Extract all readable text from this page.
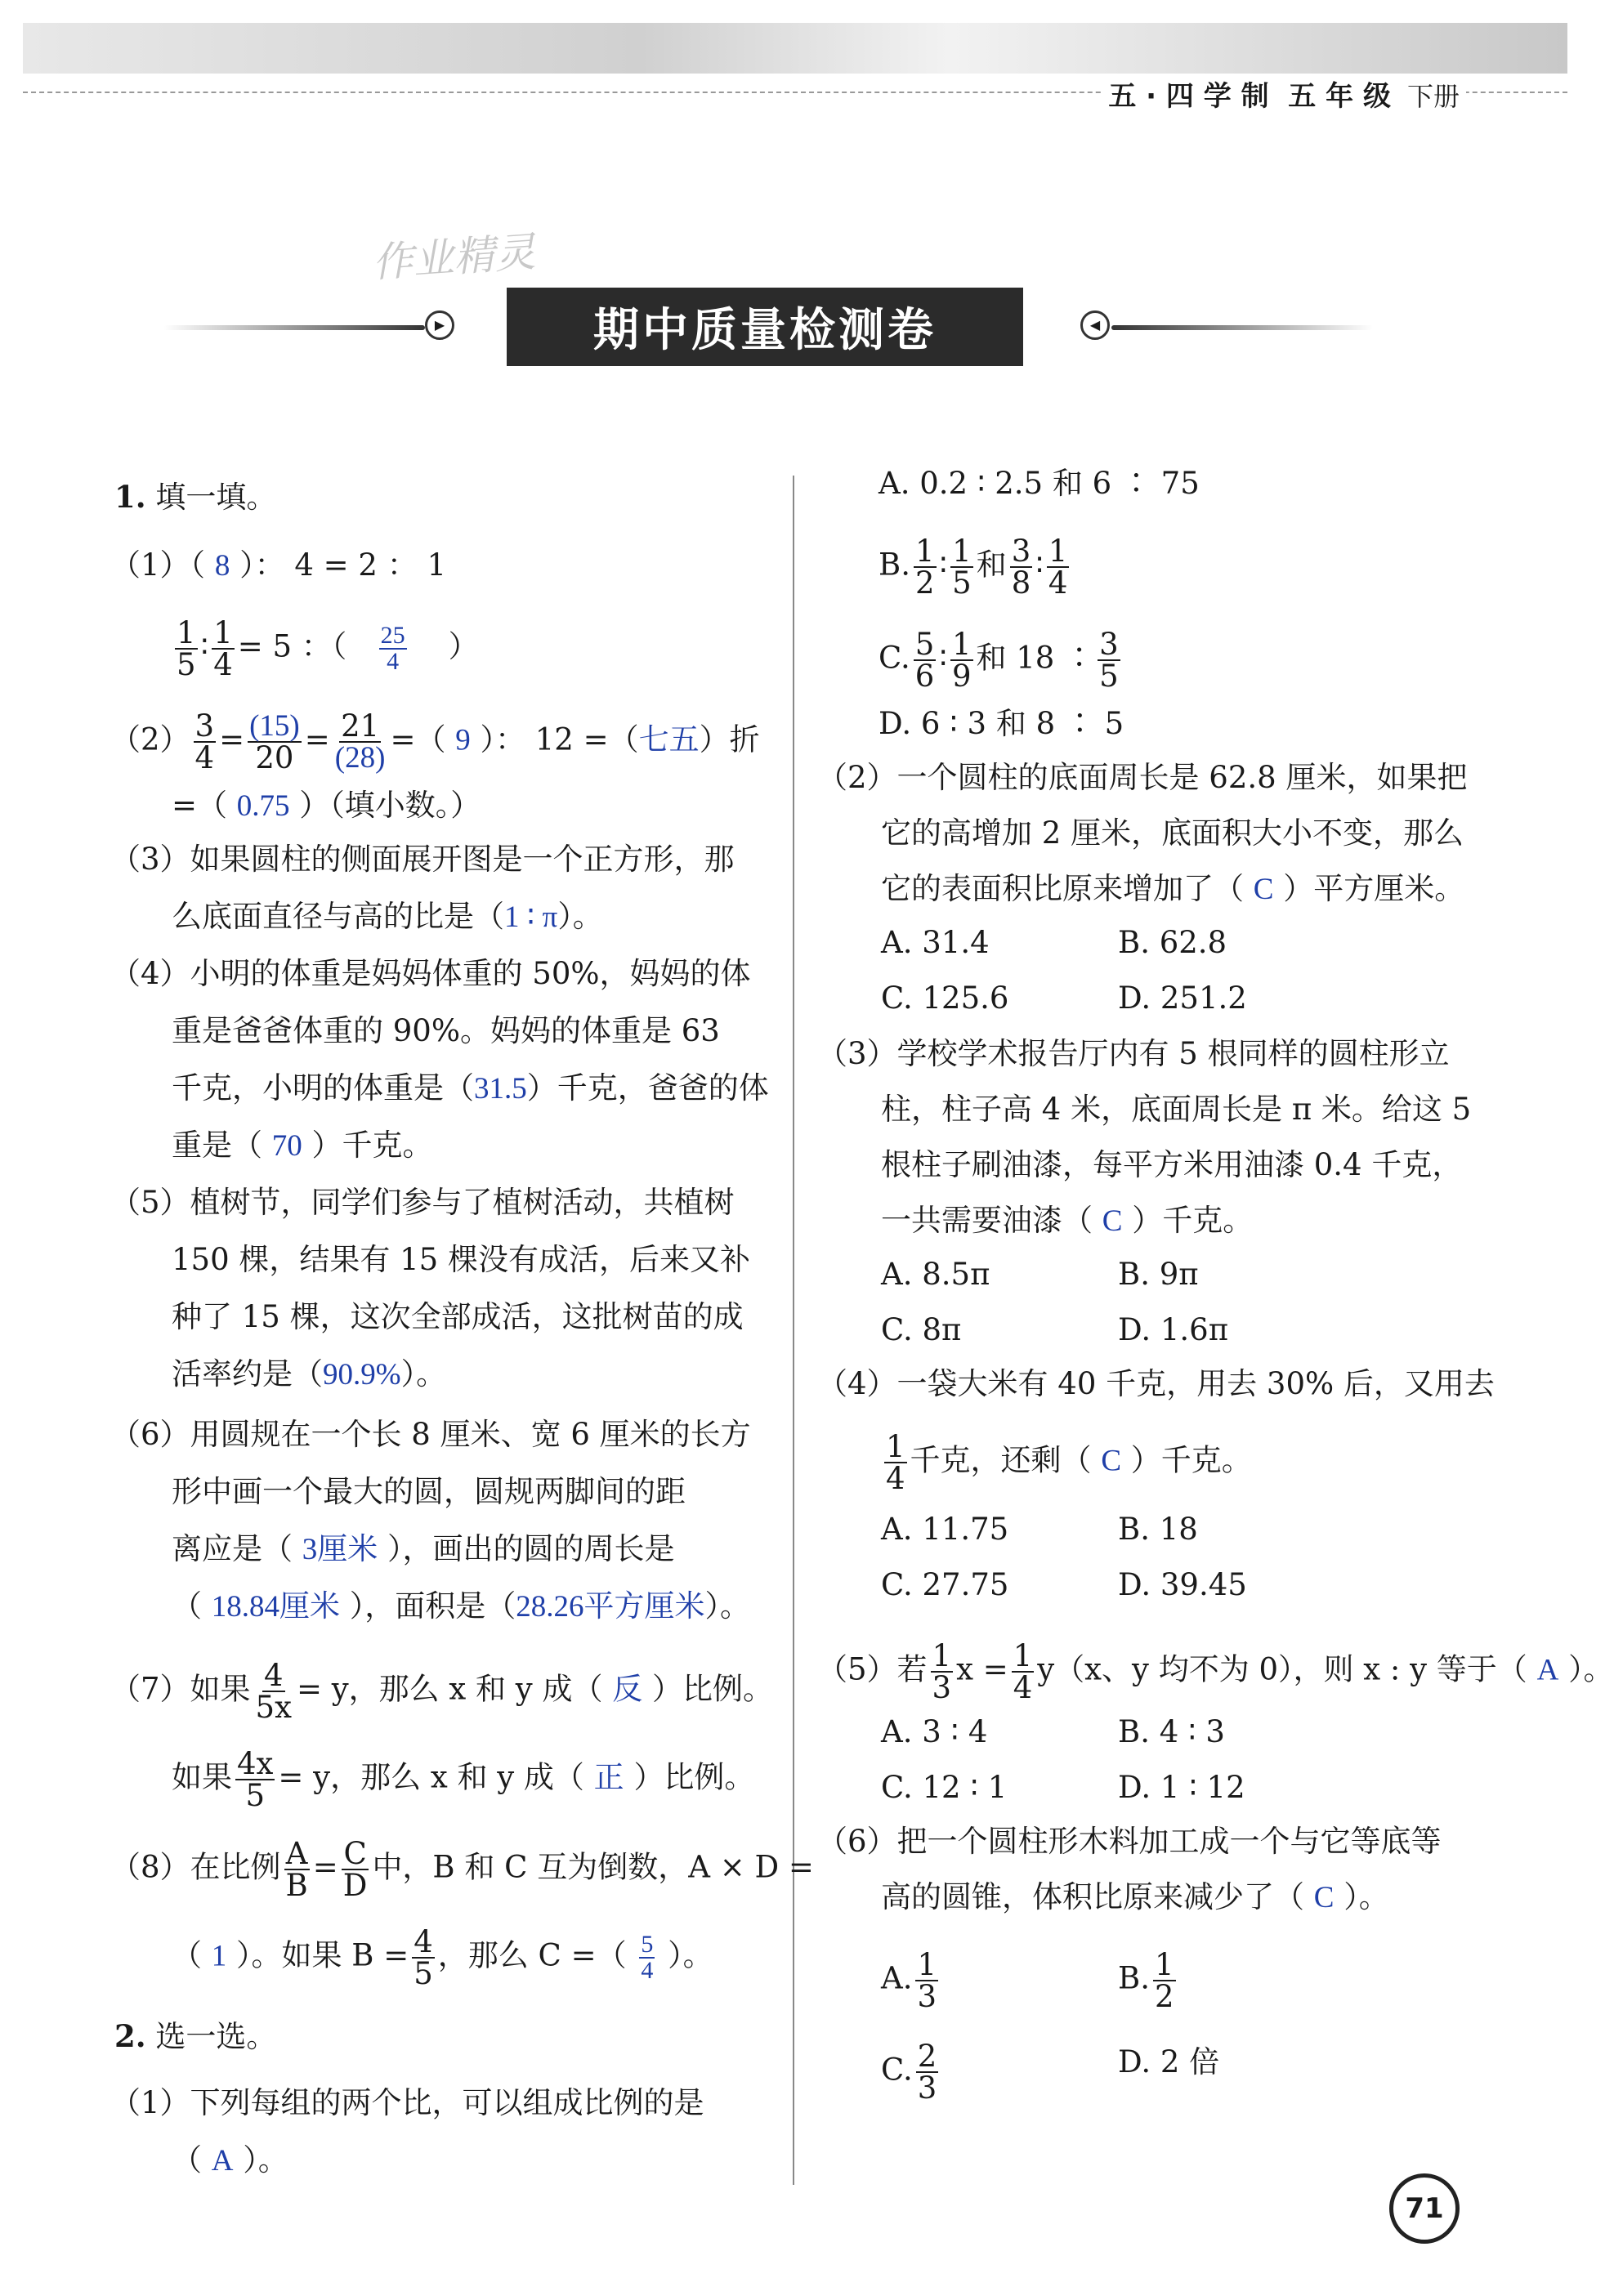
五 · 四 学 制 五 年 级 下册
作业精灵
▶	期中质量检测卷	◀
1. 填一填。
（1）（ 8 ）： 4 = 2 ： 1
$\frac{1}{5}$ ∶ $\frac{1}{4} = 5$ ：（ $\frac{25}{4}$ ）
$(2) \frac{3}{4} = \frac{(15)}{20} = \frac{21}{(28)}$ =（ 9 ）： 12 =（七五）折
=（ 0.75 ）（填小数。）
（3）如果圆柱的侧面展开图是一个正方形，那
么底面直径与高的比是（1 ∶ π）。
（4）小明的体重是妈妈体重的 50%，妈妈的体
重是爸爸体重的 90%。妈妈的体重是 63
千克，小明的体重是（31.5）千克，爸爸的体
重是（ 70 ）千克。
（5）植树节，同学们参与了植树活动，共植树
150 棵，结果有 15 棵没有成活，后来又补
种了 15 棵，这次全部成活，这批树苗的成
活率约是（90.9%）。
（6）用圆规在一个长 8 厘米、宽 6 厘米的长方
形中画一个最大的圆，圆规两脚间的距
离应是（ 3厘米 ），画出的圆的周长是
（ 18.84厘米 ），面积是（28.26平方厘米）。
（7）如果 $\frac{4}{5x} = y$，那么 x 和 y 成（ 反 ）比例。
如果 $\frac{4x}{5} = y$，那么 x 和 y 成（ 正 ）比例。
（8）在比例 $\frac{A}{B} = \frac{C}{D}$ 中，B 和 C 互为倒数，A × D =
（ 1 ）。如果 $B = \frac{4}{5}$ ，那么 C =（ $\frac{5}{4}$ ）。
2. 选一选。
（1）下列每组的两个比，可以组成比例的是
（ A ）。
A. 0.2 ∶ 2.5 和 6 ∶ 75
B. $\frac{1}{2}$ ∶ $\frac{1}{5}$ 和 $\frac{3}{8}$ ∶ $\frac{1}{4}$
C. $\frac{5}{6}$ ∶ $\frac{1}{9}$ 和 18 ∶ $\frac{3}{5}$
D. 6 ∶ 3 和 8 ∶ 5
（2）一个圆柱的底面周长是 62.8 厘米，如果把
它的高增加 2 厘米，底面积大小不变，那么
它的表面积比原来增加了（ C ）平方厘米。
A. 31.4	B. 62.8
C. 125.6	D. 251.2
（3）学校学术报告厅内有 5 根同样的圆柱形立
柱，柱子高 4 米，底面周长是 π 米。给这 5
根柱子刷油漆，每平方米用油漆 0.4 千克，
一共需要油漆（ C ）千克。
A. 8.5π	B. 9π
C. 8π	D. 1.6π
（4）一袋大米有 40 千克，用去 30% 后，又用去
$\frac{1}{4}$ 千克，还剩（ C ）千克。
A. 11.75	B. 18
C. 27.75	D. 39.45
（5）若 $\frac{1}{3}$ $x = \frac{1}{4} y(x$、y 均不为 0），则 x : y 等于（ A ）。
A. 3 ∶ 4	B. 4 ∶ 3
C. 12 ∶ 1	D. 1 ∶ 12
（6）把一个圆柱形木料加工成一个与它等底等
高的圆锥，体积比原来减少了（ C ）。
A. $\frac{1}{3}$	B. $\frac{1}{2}$
C. $\frac{2}{3}$	D. 2 倍
71
